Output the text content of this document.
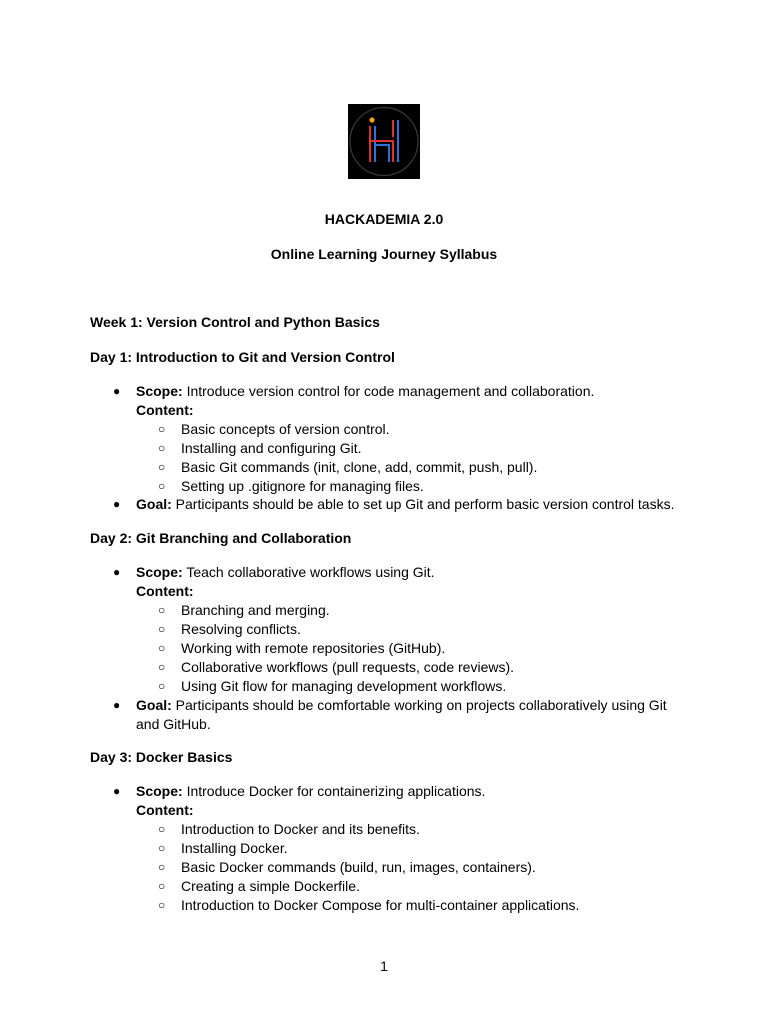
HACKADEMIA 2.0
Online Learning Journey Syllabus
Week 1: Version Control and Python Basics
Day 1: Introduction to Git and Version Control
● Scope: Introduce version control for code management and collaboration.
Content:
○ Basic concepts of version control.
○ Installing and configuring Git.
○ Basic Git commands (init, clone, add, commit, push, pull).
○ Setting up .gitignore for managing files.
● Goal: Participants should be able to set up Git and perform basic version control tasks.
Day 2: Git Branching and Collaboration
● Scope: Teach collaborative workflows using Git.
Content:
○ Branching and merging.
○ Resolving conflicts.
○ Working with remote repositories (GitHub).
○ Collaborative workflows (pull requests, code reviews).
○ Using Git flow for managing development workflows.
● Goal: Participants should be comfortable working on projects collaboratively using Git
and GitHub.
Day 3: Docker Basics
● Scope: Introduce Docker for containerizing applications.
Content:
○ Introduction to Docker and its benefits.
○ Installing Docker.
○ Basic Docker commands (build, run, images, containers).
○ Creating a simple Dockerfile.
○ Introduction to Docker Compose for multi-container applications.
1
